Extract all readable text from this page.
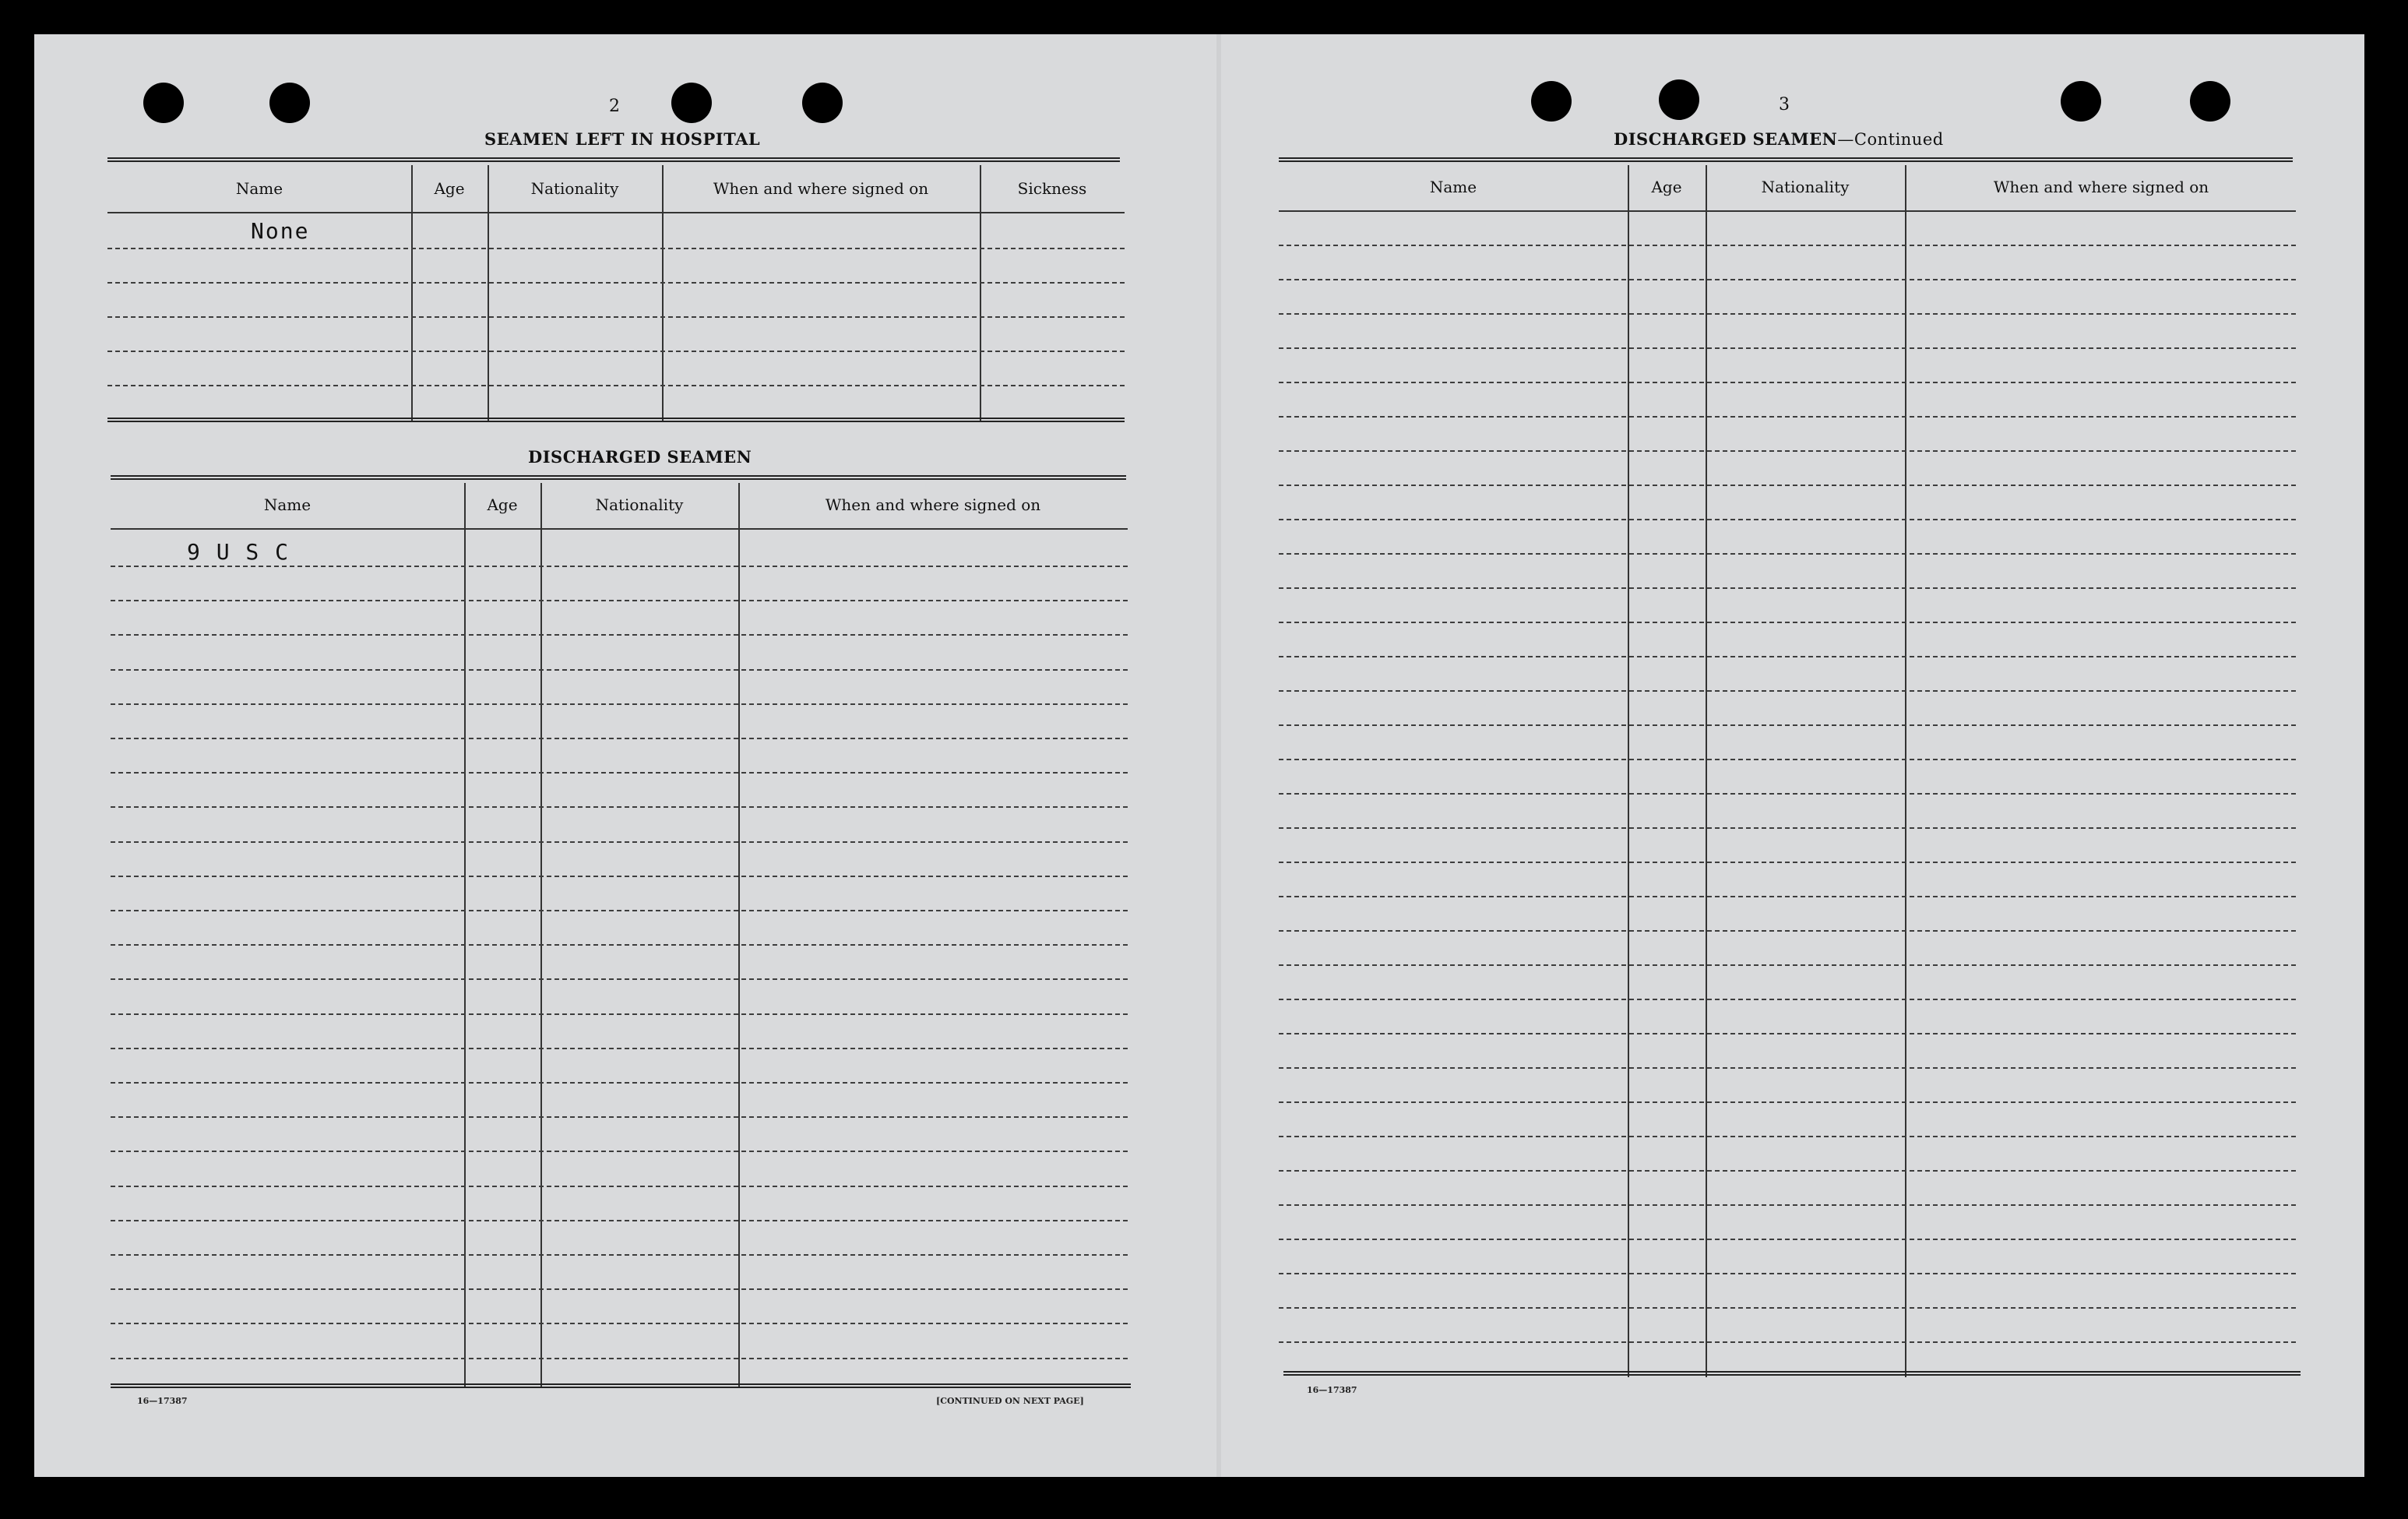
2
SEAMEN LEFT IN HOSPITAL
Name	Age	Nationality	When and where signed on	Sickness
None
DISCHARGED SEAMEN
Name	Age	Nationality	When and where signed on
9 U S C
16—17387	[CONTINUED ON NEXT PAGE]
3
DISCHARGED SEAMEN—Continued
Name	Age	Nationality	When and where signed on
16—17387
